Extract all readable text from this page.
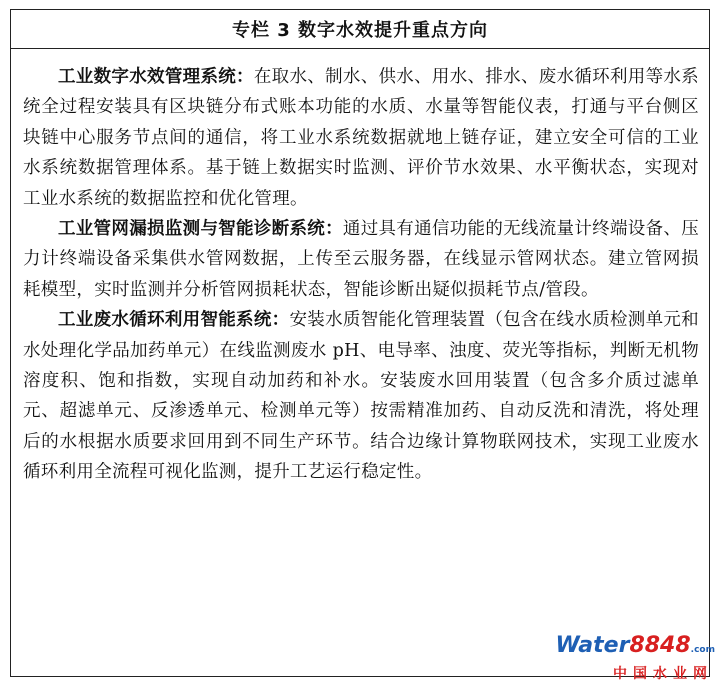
专栏 3 数字水效提升重点方向

工业数字水效管理系统：在取水、制水、供水、用水、排水、废水循环利用等水系统全过程安装具有区块链分布式账本功能的水质、水量等智能仪表，打通与平台侧区块链中心服务节点间的通信，将工业水系统数据就地上链存证，建立安全可信的工业水系统数据管理体系。基于链上数据实时监测、评价节水效果、水平衡状态，实现对工业水系统的数据监控和优化管理。

工业管网漏损监测与智能诊断系统：通过具有通信功能的无线流量计终端设备、压力计终端设备采集供水管网数据，上传至云服务器，在线显示管网状态。建立管网损耗模型，实时监测并分析管网损耗状态，智能诊断出疑似损耗节点/管段。

工业废水循环利用智能系统：安装水质智能化管理装置（包含在线水质检测单元和水处理化学品加药单元）在线监测废水 pH、电导率、浊度、荧光等指标，判断无机物溶度积、饱和指数，实现自动加药和补水。安装废水回用装置（包含多介质过滤单元、超滤单元、反渗透单元、检测单元等）按需精准加药、自动反洗和清洗，将处理后的水根据水质要求回用到不同生产环节。结合边缘计算物联网技术，实现工业废水循环利用全流程可视化监测，提升工艺运行稳定性。

Water8848.com
中国水业网
